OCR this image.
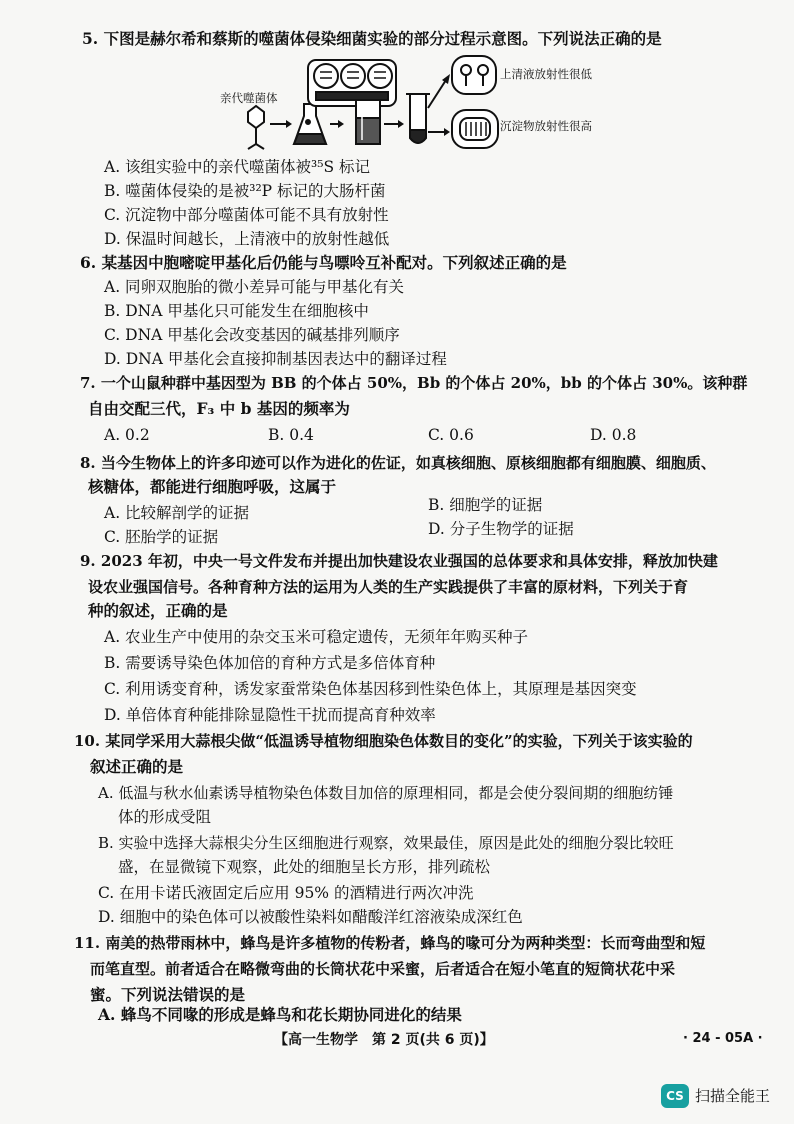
5. 下图是赫尔希和蔡斯的噬菌体侵染细菌实验的部分过程示意图。下列说法正确的是
亲代噬菌体
上清液放射性很低
沉淀物放射性很高
A. 该组实验中的亲代噬菌体被³⁵S 标记
B. 噬菌体侵染的是被³²P 标记的大肠杆菌
C. 沉淀物中部分噬菌体可能不具有放射性
D. 保温时间越长，上清液中的放射性越低
6. 某基因中胞嘧啶甲基化后仍能与鸟嘌呤互补配对。下列叙述正确的是
A. 同卵双胞胎的微小差异可能与甲基化有关
B. DNA 甲基化只可能发生在细胞核中
C. DNA 甲基化会改变基因的碱基排列顺序
D. DNA 甲基化会直接抑制基因表达中的翻译过程
7. 一个山鼠种群中基因型为 BB 的个体占 50%，Bb 的个体占 20%，bb 的个体占 30%。该种群
自由交配三代，F₃ 中 b 基因的频率为
A. 0.2	B. 0.4	C. 0.6	D. 0.8
8. 当今生物体上的许多印迹可以作为进化的佐证，如真核细胞、原核细胞都有细胞膜、细胞质、
核糖体，都能进行细胞呼吸，这属于
A. 比较解剖学的证据	B. 细胞学的证据
C. 胚胎学的证据	D. 分子生物学的证据
9. 2023 年初，中央一号文件发布并提出加快建设农业强国的总体要求和具体安排，释放加快建
设农业强国信号。各种育种方法的运用为人类的生产实践提供了丰富的原材料，下列关于育
种的叙述，正确的是
A. 农业生产中使用的杂交玉米可稳定遗传，无须年年购买种子
B. 需要诱导染色体加倍的育种方式是多倍体育种
C. 利用诱变育种，诱发家蚕常染色体基因移到性染色体上，其原理是基因突变
D. 单倍体育种能排除显隐性干扰而提高育种效率
10. 某同学采用大蒜根尖做“低温诱导植物细胞染色体数目的变化”的实验，下列关于该实验的
叙述正确的是
A. 低温与秋水仙素诱导植物染色体数目加倍的原理相同，都是会使分裂间期的细胞纺锤
体的形成受阻
B. 实验中选择大蒜根尖分生区细胞进行观察，效果最佳，原因是此处的细胞分裂比较旺
盛，在显微镜下观察，此处的细胞呈长方形，排列疏松
C. 在用卡诺氏液固定后应用 95% 的酒精进行两次冲洗
D. 细胞中的染色体可以被酸性染料如醋酸洋红溶液染成深红色
11. 南美的热带雨林中，蜂鸟是许多植物的传粉者，蜂鸟的喙可分为两种类型：长而弯曲型和短
而笔直型。前者适合在略微弯曲的长筒状花中采蜜，后者适合在短小笔直的短筒状花中采
蜜。下列说法错误的是
A. 蜂鸟不同喙的形成是蜂鸟和花长期协同进化的结果
【高一生物学　第 2 页(共 6 页)】	· 24 - 05A ·
CS 扫描全能王
